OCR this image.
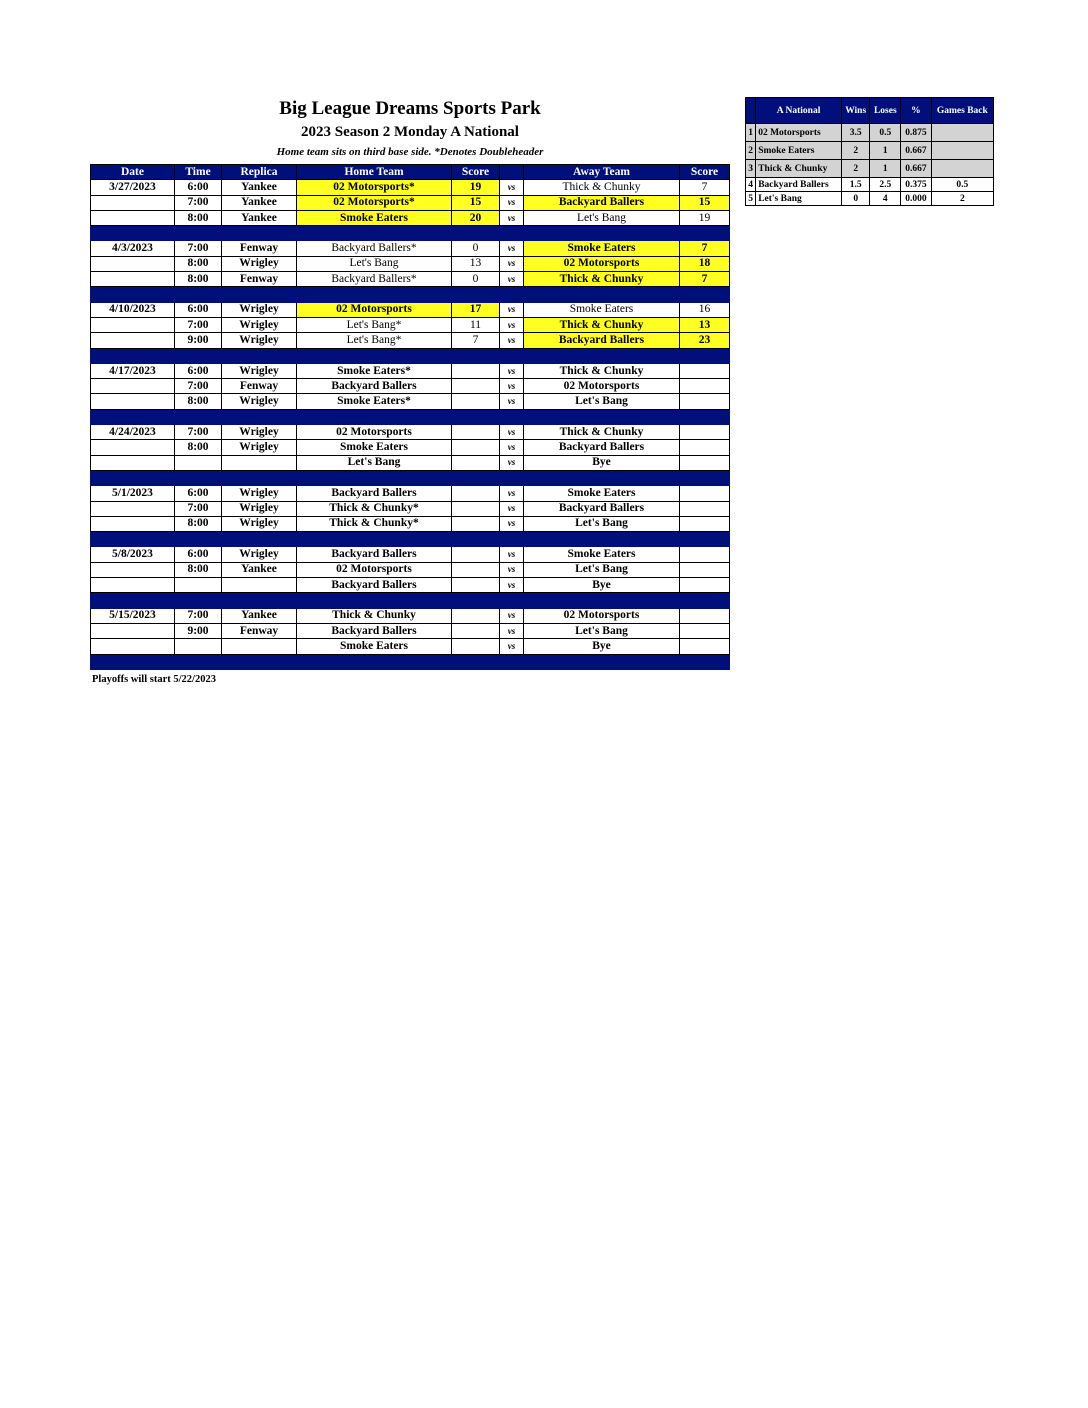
Big League Dreams Sports Park
2023 Season 2 Monday A National
Home team sits on third base side. *Denotes Doubleheader
Date	Time	Replica	Home Team	Score		Away Team	Score
3/27/2023	6:00	Yankee	02 Motorsports*	19	vs	Thick & Chunky	7
	7:00	Yankee	02 Motorsports*	15	vs	Backyard Ballers	15
	8:00	Yankee	Smoke Eaters	20	vs	Let's Bang	19

4/3/2023	7:00	Fenway	Backyard Ballers*	0	vs	Smoke Eaters	7
	8:00	Wrigley	Let's Bang	13	vs	02 Motorsports	18
	8:00	Fenway	Backyard Ballers*	0	vs	Thick & Chunky	7

4/10/2023	6:00	Wrigley	02 Motorsports	17	vs	Smoke Eaters	16
	7:00	Wrigley	Let's Bang*	11	vs	Thick & Chunky	13
	9:00	Wrigley	Let's Bang*	7	vs	Backyard Ballers	23

4/17/2023	6:00	Wrigley	Smoke Eaters*		vs	Thick & Chunky	
	7:00	Fenway	Backyard Ballers		vs	02 Motorsports	
	8:00	Wrigley	Smoke Eaters*		vs	Let's Bang	

4/24/2023	7:00	Wrigley	02 Motorsports		vs	Thick & Chunky	
	8:00	Wrigley	Smoke Eaters		vs	Backyard Ballers	
			Let's Bang		vs	Bye	

5/1/2023	6:00	Wrigley	Backyard Ballers		vs	Smoke Eaters	
	7:00	Wrigley	Thick & Chunky*		vs	Backyard Ballers	
	8:00	Wrigley	Thick & Chunky*		vs	Let's Bang	

5/8/2023	6:00	Wrigley	Backyard Ballers		vs	Smoke Eaters	
	8:00	Yankee	02 Motorsports		vs	Let's Bang	
			Backyard Ballers		vs	Bye	

5/15/2023	7:00	Yankee	Thick & Chunky		vs	02 Motorsports	
	9:00	Fenway	Backyard Ballers		vs	Let's Bang	
			Smoke Eaters		vs	Bye	

	A National	Wins	Loses	%	Games Back
1	02 Motorsports	3.5	0.5	0.875	
2	Smoke Eaters	2	1	0.667	
3	Thick & Chunky	2	1	0.667	
4	Backyard Ballers	1.5	2.5	0.375	0.5
5	Let's Bang	0	4	0.000	2
Playoffs will start 5/22/2023
